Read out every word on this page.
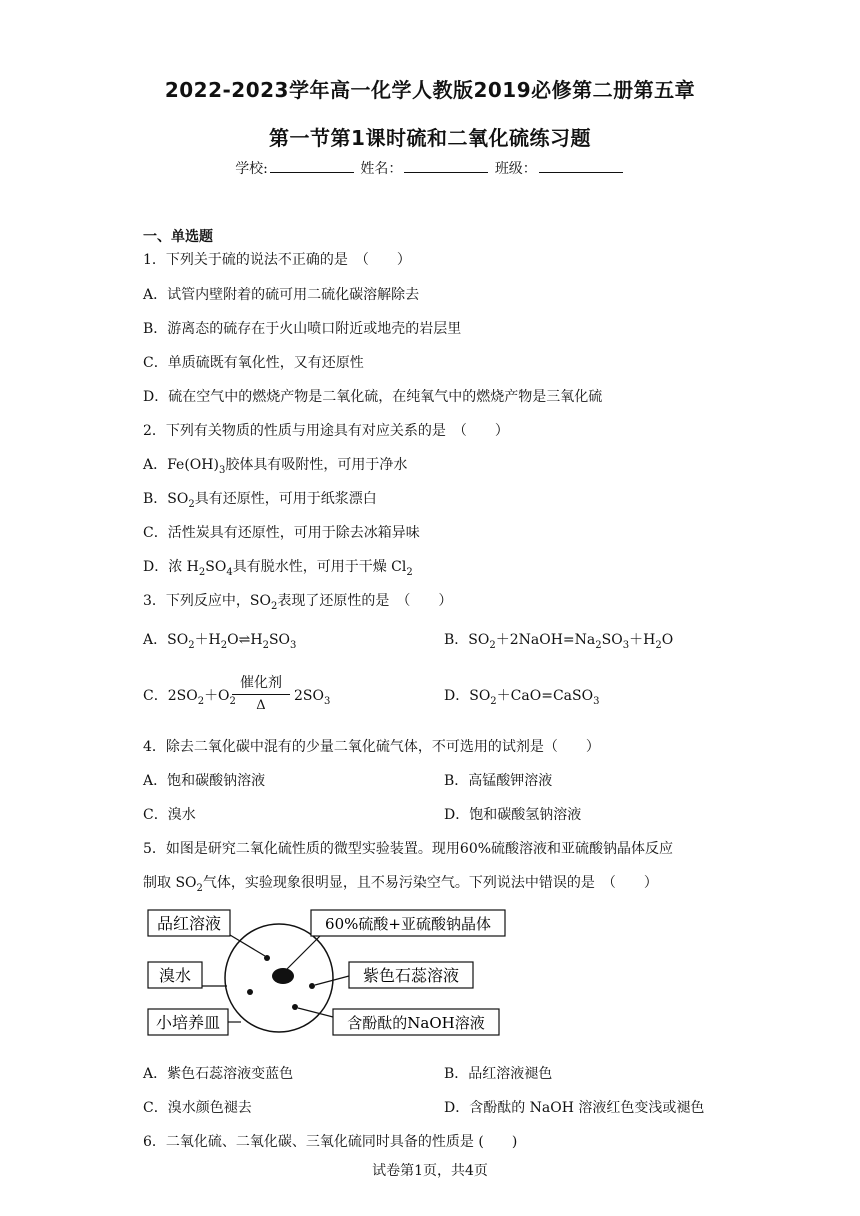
2022-2023学年高一化学人教版2019必修第二册第五章
第一节第1课时硫和二氧化硫练习题
学校:	姓名：	班级：
一、单选题
1．下列关于硫的说法不正确的是　（　　）
A．试管内壁附着的硫可用二硫化碳溶解除去
B．游离态的硫存在于火山喷口附近或地壳的岩层里
C．单质硫既有氧化性，又有还原性
D．硫在空气中的燃烧产物是二氧化硫，在纯氧气中的燃烧产物是三氧化硫
2．下列有关物质的性质与用途具有对应关系的是　（　　）
A．$Fe(OH)_3$胶体具有吸附性，可用于净水
B．$SO_2$具有还原性，可用于纸浆漂白
C．活性炭具有还原性，可用于除去冰箱异味
D．浓 $H_2SO_4$具有脱水性，可用于干燥 $Cl_2$
3．下列反应中，$SO_2$表现了还原性的是　（　　）
A．$SO_2+H_2O\rightleftharpoons H_2SO_3$	B．$SO_2+2NaOH=Na_2SO_3+H_2O$
C．$2SO_2+O_2$
催化剂
Δ
$2SO_3$	D．$SO_2+CaO=CaSO_3$
4．除去二氧化碳中混有的少量二氧化硫气体，不可选用的试剂是（　　）
A．饱和碳酸钠溶液	B．高锰酸钾溶液
C．溴水	D．饱和碳酸氢钠溶液
5．如图是研究二氧化硫性质的微型实验装置。现用60%硫酸溶液和亚硫酸钠晶体反应
制取 $SO_2$气体，实验现象很明显，且不易污染空气。下列说法中错误的是　（　　）
品红溶液	60%硫酸+亚硫酸钠晶体
溴水	紫色石蕊溶液
小培养皿	含酚酞的NaOH溶液
A．紫色石蕊溶液变蓝色	B．品红溶液褪色
C．溴水颜色褪去	D．含酚酞的 NaOH 溶液红色变浅或褪色
6．二氧化硫、二氧化碳、三氧化硫同时具备的性质是 (　　)
试卷第1页，共4页
